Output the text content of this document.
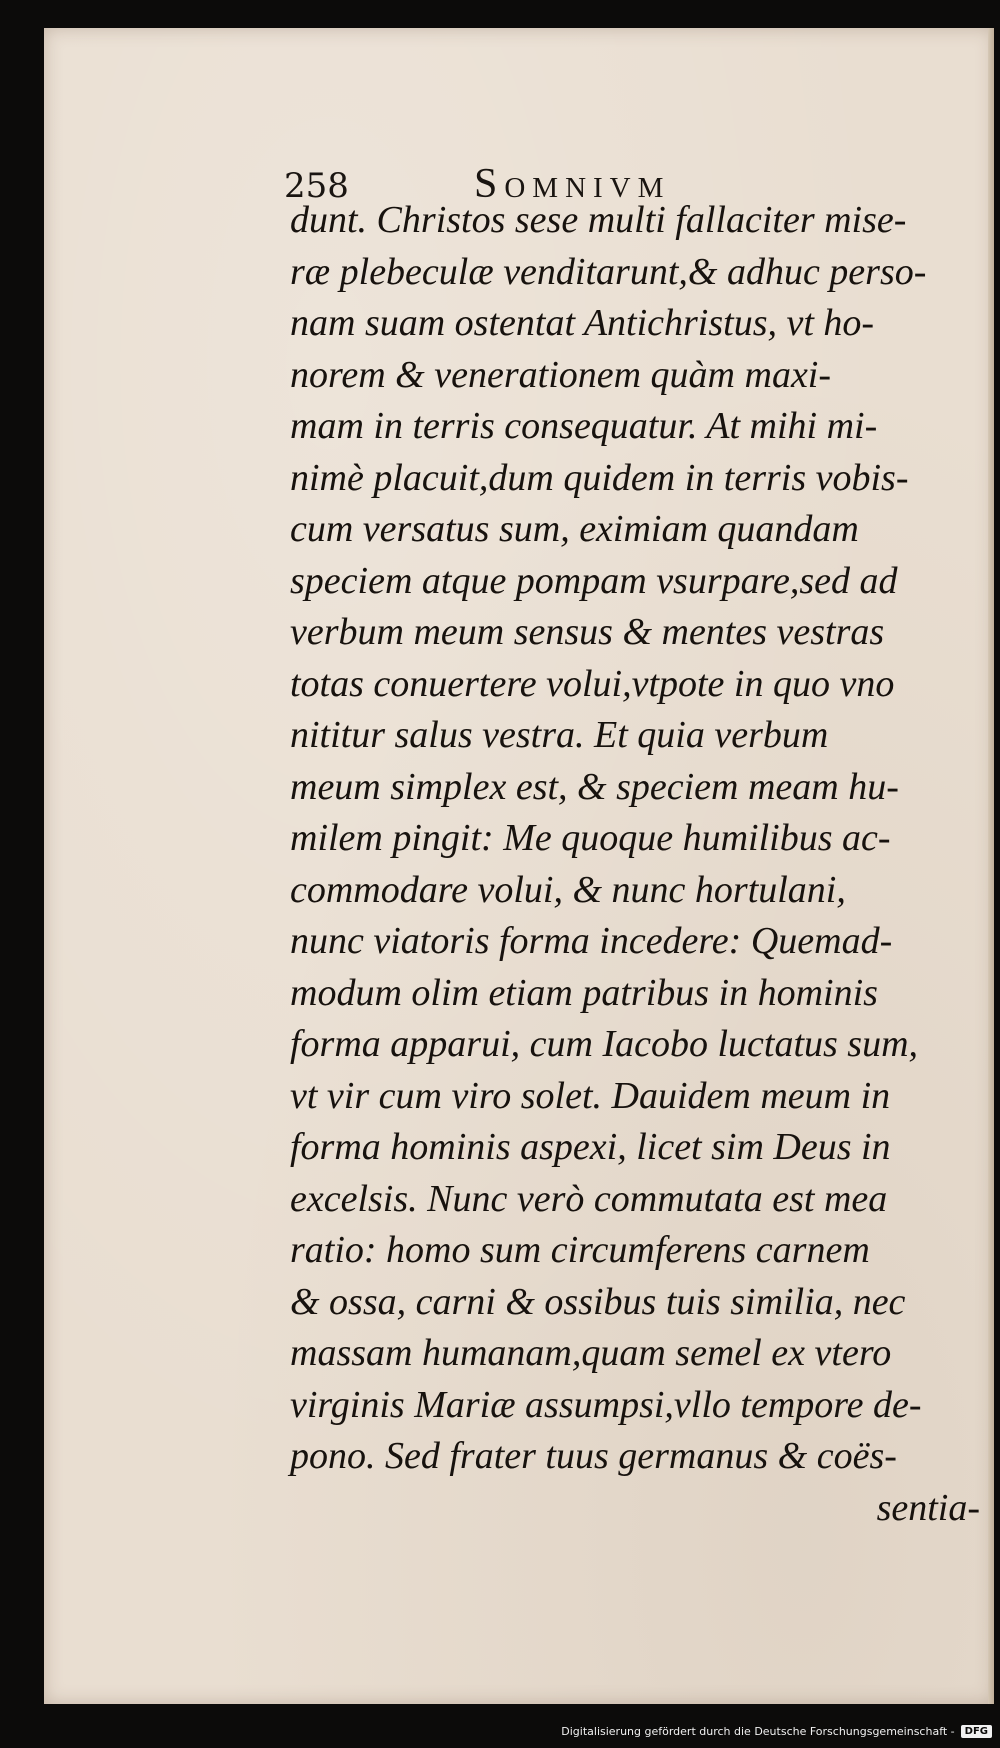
258	Somnivm
dunt. Christos sese multi fallaciter mise-
ræ plebeculæ venditarunt,& adhuc perso-
nam suam ostentat Antichristus, vt ho-
norem & venerationem quàm maxi-
mam in terris consequatur. At mihi mi-
nimè placuit,dum quidem in terris vobis-
cum versatus sum, eximiam quandam
speciem atque pompam vsurpare,sed ad
verbum meum sensus & mentes vestras
totas conuertere volui,vtpote in quo vno
nititur salus vestra. Et quia verbum
meum simplex est, & speciem meam hu-
milem pingit: Me quoque humilibus ac-
commodare volui, & nunc hortulani,
nunc viatoris forma incedere: Quemad-
modum olim etiam patribus in hominis
forma apparui, cum Iacobo luctatus sum,
vt vir cum viro solet. Dauidem meum in
forma hominis aspexi, licet sim Deus in
excelsis. Nunc verò commutata est mea
ratio: homo sum circumferens carnem
& ossa, carni & ossibus tuis similia, nec
massam humanam,quam semel ex vtero
virginis Mariæ assumpsi,vllo tempore de-
pono. Sed frater tuus germanus & coës-
sentia-
Digitalisierung gefördert durch die Deutsche Forschungsgemeinschaft -	DFG
